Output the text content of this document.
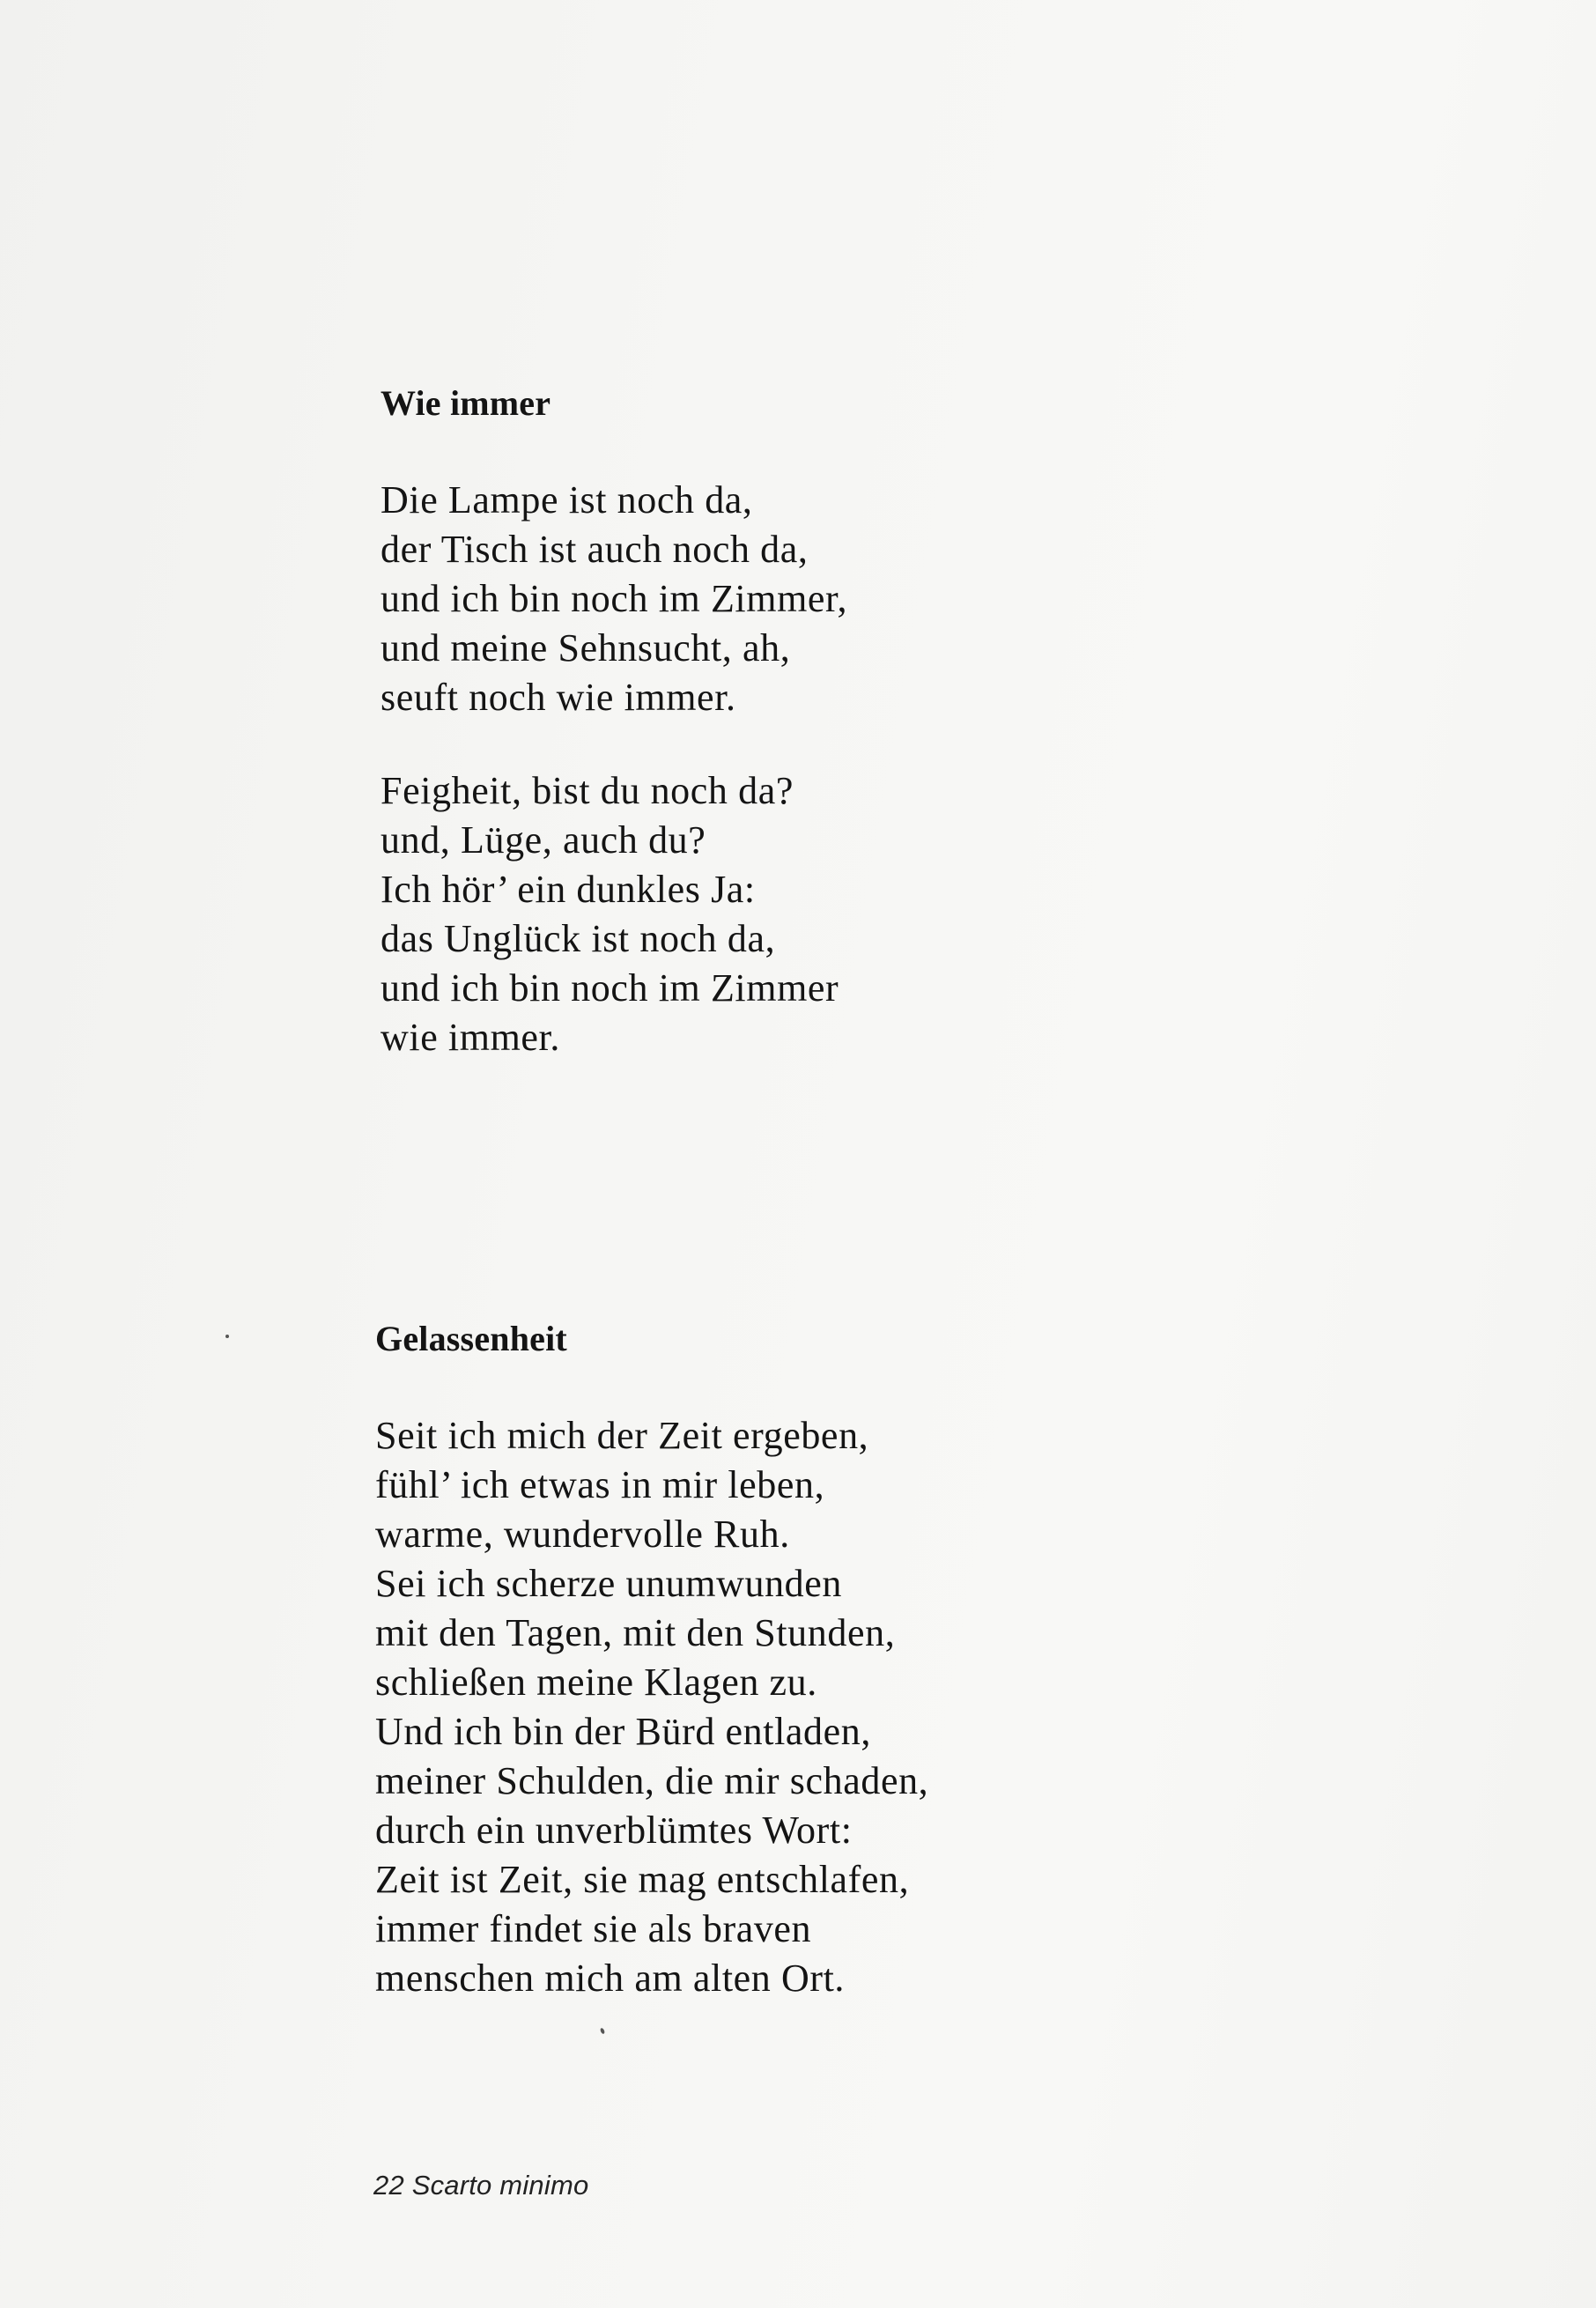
Wie immer
Die Lampe ist noch da,
der Tisch ist auch noch da,
und ich bin noch im Zimmer,
und meine Sehnsucht, ah,
seuft noch wie immer.
Feigheit, bist du noch da?
und, Lüge, auch du?
Ich hör’ ein dunkles Ja:
das Unglück ist noch da,
und ich bin noch im Zimmer
wie immer.
Gelassenheit
Seit ich mich der Zeit ergeben,
fühl’ ich etwas in mir leben,
warme, wundervolle Ruh.
Sei ich scherze unumwunden
mit den Tagen, mit den Stunden,
schließen meine Klagen zu.
Und ich bin der Bürd entladen,
meiner Schulden, die mir schaden,
durch ein unverblümtes Wort:
Zeit ist Zeit, sie mag entschlafen,
immer findet sie als braven
menschen mich am alten Ort.
22 Scarto minimo
